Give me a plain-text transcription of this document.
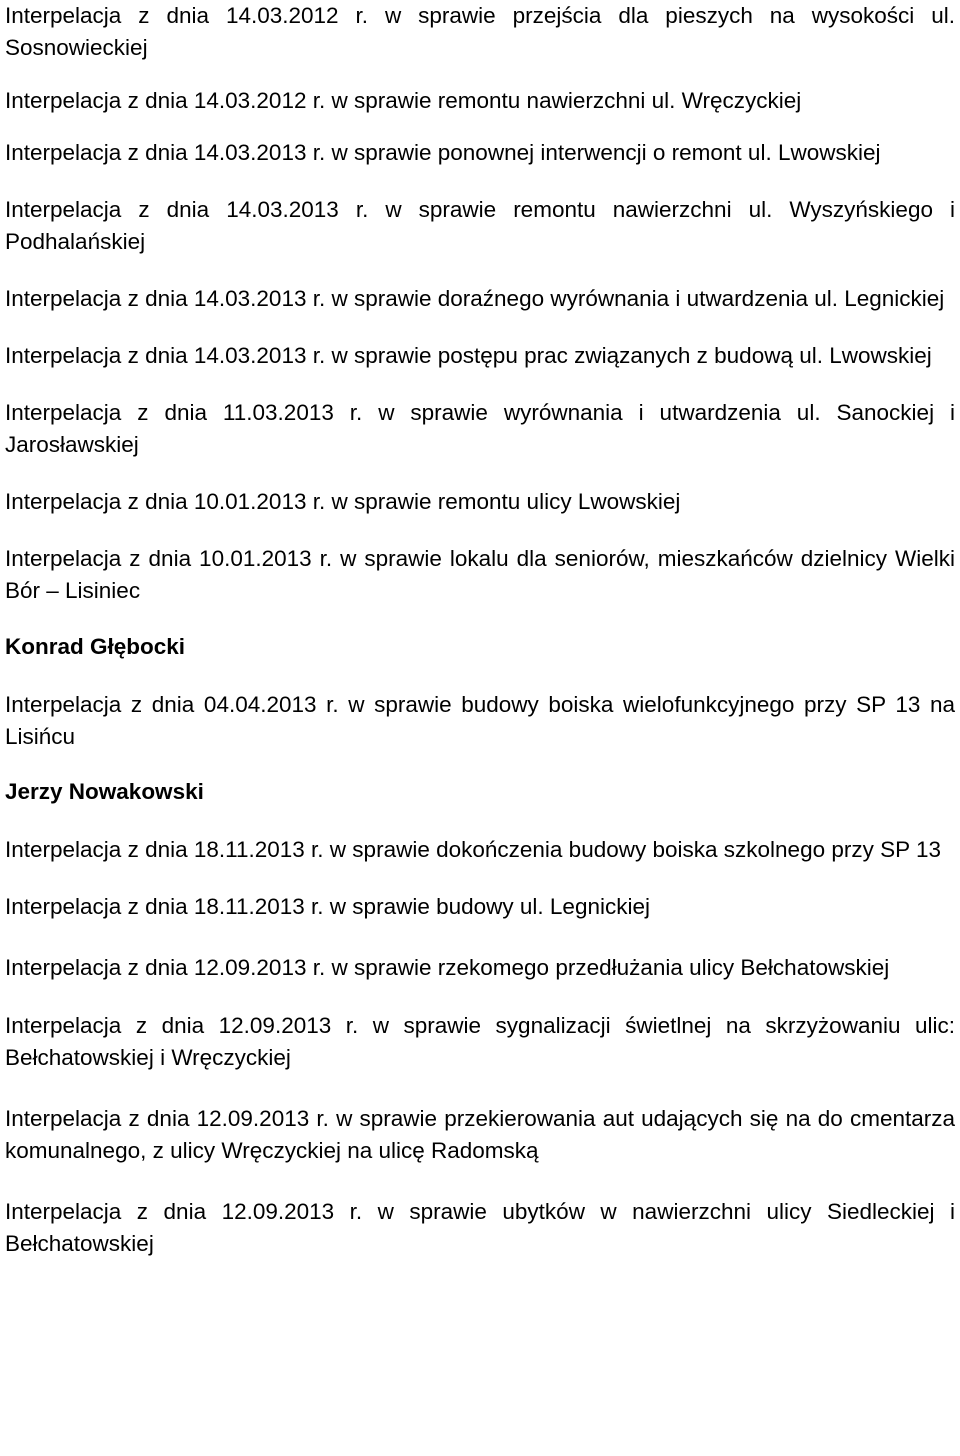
Interpelacja z dnia 14.03.2012 r. w sprawie przejścia dla pieszych na wysokości ul. Sosnowieckiej

Interpelacja z dnia 14.03.2012 r. w sprawie remontu nawierzchni ul. Wręczyckiej

Interpelacja z dnia 14.03.2013 r. w sprawie ponownej interwencji o remont ul. Lwowskiej

Interpelacja z dnia 14.03.2013 r. w sprawie remontu nawierzchni ul. Wyszyńskiego i Podhalańskiej

Interpelacja z dnia 14.03.2013 r. w sprawie doraźnego wyrównania i utwardzenia ul. Legnickiej

Interpelacja z dnia 14.03.2013 r. w sprawie postępu prac związanych z budową ul. Lwowskiej

Interpelacja z dnia 11.03.2013 r. w sprawie wyrównania i utwardzenia ul. Sanockiej i Jarosławskiej

Interpelacja z dnia 10.01.2013 r. w sprawie remontu ulicy Lwowskiej

Interpelacja z dnia 10.01.2013 r. w sprawie lokalu dla seniorów, mieszkańców dzielnicy Wielki Bór – Lisiniec

Konrad Głębocki

Interpelacja z dnia 04.04.2013 r. w sprawie budowy boiska wielofunkcyjnego przy SP 13 na Lisińcu

Jerzy Nowakowski

Interpelacja z dnia 18.11.2013 r. w sprawie dokończenia budowy boiska szkolnego przy SP 13

Interpelacja z dnia 18.11.2013 r. w sprawie budowy ul. Legnickiej

Interpelacja z dnia 12.09.2013 r. w sprawie rzekomego przedłużania ulicy Bełchatowskiej

Interpelacja z dnia 12.09.2013 r. w sprawie sygnalizacji świetlnej na skrzyżowaniu ulic: Bełchatowskiej i Wręczyckiej

Interpelacja z dnia 12.09.2013 r. w sprawie przekierowania aut udających się na do cmentarza komunalnego, z ulicy Wręczyckiej na ulicę Radomską

Interpelacja z dnia 12.09.2013 r. w sprawie ubytków w nawierzchni ulicy Siedleckiej i Bełchatowskiej
